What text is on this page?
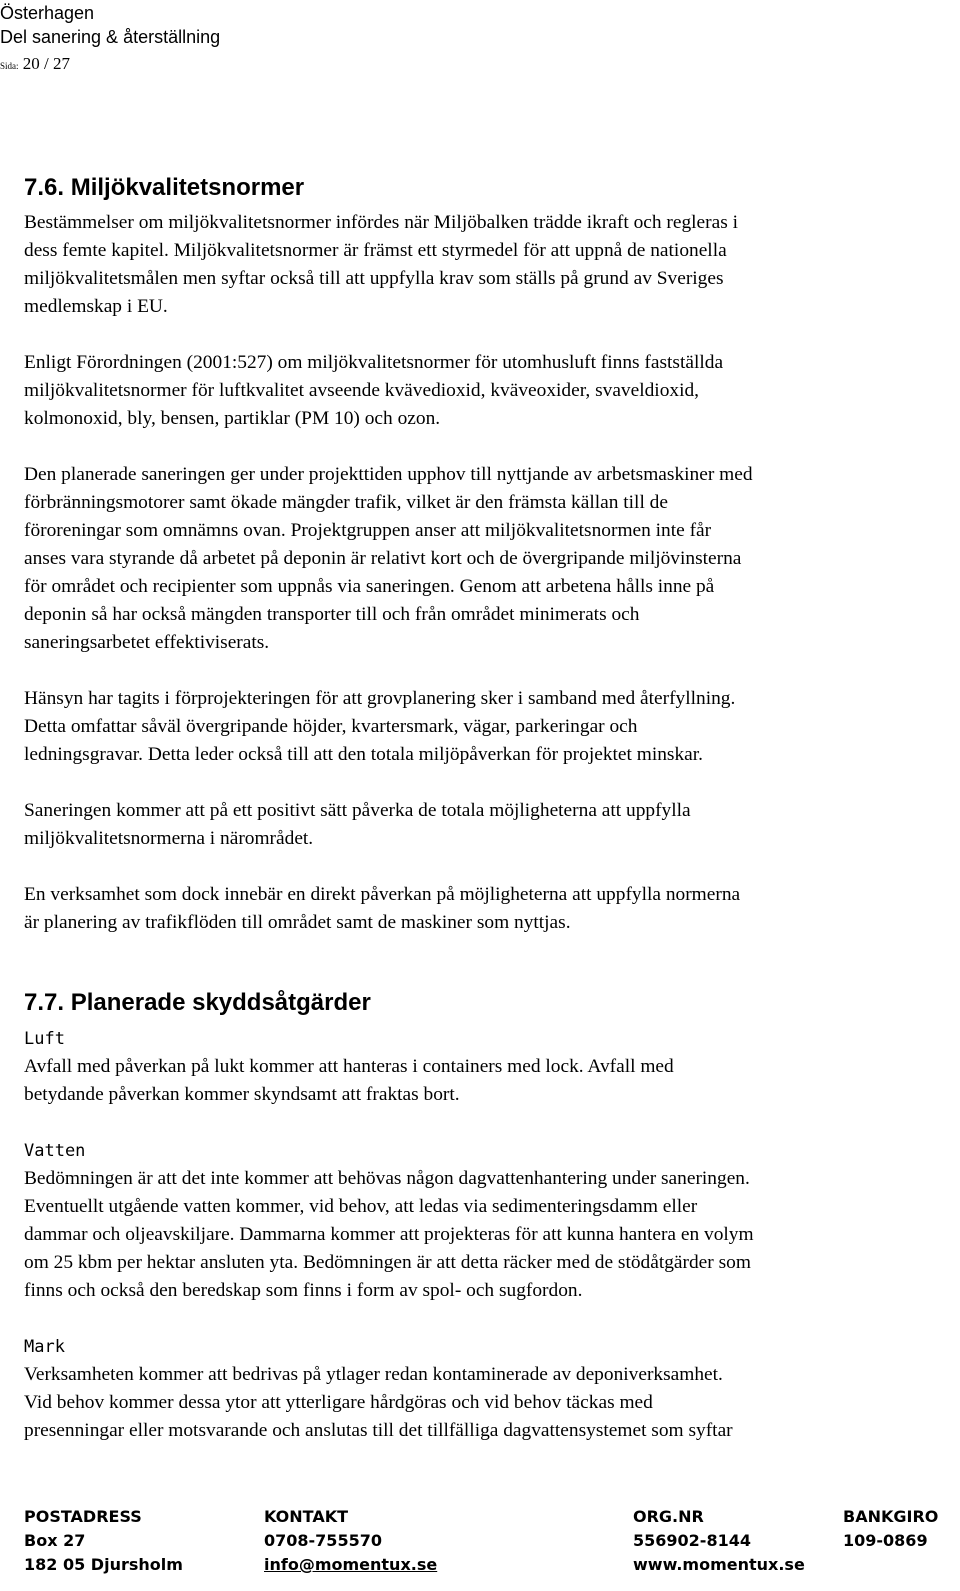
Österhagen
Del sanering & återställning
Sida: 20 / 27
7.6. Miljökvalitetsnormer

Bestämmelser om miljökvalitetsnormer infördes när Miljöbalken trädde ikraft och regleras i
dess femte kapitel. Miljökvalitetsnormer är främst ett styrmedel för att uppnå de nationella
miljökvalitetsmålen men syftar också till att uppfylla krav som ställs på grund av Sveriges
medlemskap i EU.

Enligt Förordningen (2001:527) om miljökvalitetsnormer för utomhusluft finns fastställda
miljökvalitetsnormer för luftkvalitet avseende kvävedioxid, kväveoxider, svaveldioxid,
kolmonoxid, bly, bensen, partiklar (PM 10) och ozon.

Den planerade saneringen ger under projekttiden upphov till nyttjande av arbetsmaskiner med
förbränningsmotorer samt ökade mängder trafik, vilket är den främsta källan till de
föroreningar som omnämns ovan. Projektgruppen anser att miljökvalitetsnormen inte får
anses vara styrande då arbetet på deponin är relativt kort och de övergripande miljövinsterna
för området och recipienter som uppnås via saneringen. Genom att arbetena hålls inne på
deponin så har också mängden transporter till och från området minimerats och
saneringsarbetet effektiviserats.

Hänsyn har tagits i förprojekteringen för att grovplanering sker i samband med återfyllning.
Detta omfattar såväl övergripande höjder, kvartersmark, vägar, parkeringar och
ledningsgravar. Detta leder också till att den totala miljöpåverkan för projektet minskar.

Saneringen kommer att på ett positivt sätt påverka de totala möjligheterna att uppfylla
miljökvalitetsnormerna i närområdet.

En verksamhet som dock innebär en direkt påverkan på möjligheterna att uppfylla normerna
är planering av trafikflöden till området samt de maskiner som nyttjas.

7.7. Planerade skyddsåtgärder
Luft

Avfall med påverkan på lukt kommer att hanteras i containers med lock. Avfall med
betydande påverkan kommer skyndsamt att fraktas bort.

Vatten

Bedömningen är att det inte kommer att behövas någon dagvattenhantering under saneringen.
Eventuellt utgående vatten kommer, vid behov, att ledas via sedimenteringsdamm eller
dammar och oljeavskiljare. Dammarna kommer att projekteras för att kunna hantera en volym
om 25 kbm per hektar ansluten yta. Bedömningen är att detta räcker med de stödåtgärder som
finns och också den beredskap som finns i form av spol- och sugfordon.

Mark

Verksamheten kommer att bedrivas på ytlager redan kontaminerade av deponiverksamhet.
Vid behov kommer dessa ytor att ytterligare hårdgöras och vid behov täckas med
presenningar eller motsvarande och anslutas till det tillfälliga dagvattensystemet som syftar

POSTADRESS
Box 27
182 05 Djursholm
KONTAKT
0708-755570
info@momentux.se
ORG.NR
556902-8144
www.momentux.se
BANKGIRO
109-0869
